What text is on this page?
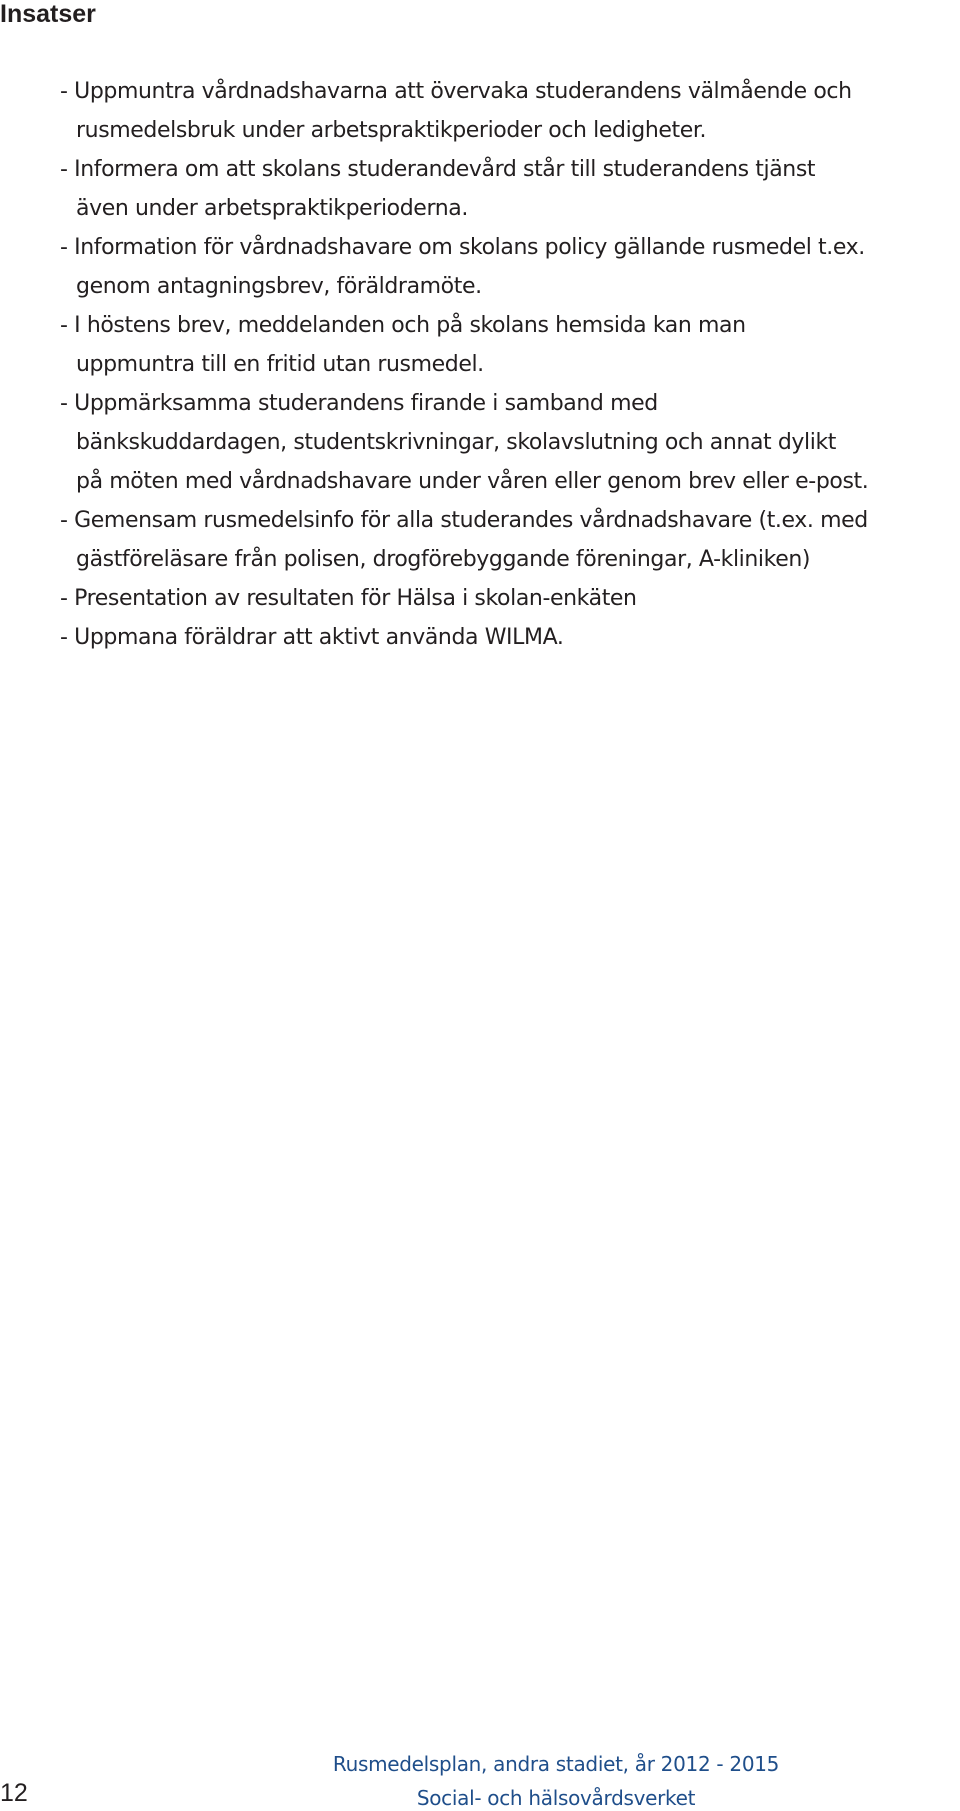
Insatser
- Uppmuntra vårdnadshavarna att övervaka studerandens välmående och
rusmedelsbruk under arbetspraktikperioder och ledigheter.
- Informera om att skolans studerandevård står till studerandens tjänst
även under arbetspraktikperioderna.
- Information för vårdnadshavare om skolans policy gällande rusmedel t.ex.
genom antagningsbrev, föräldramöte.
- I höstens brev, meddelanden och på skolans hemsida kan man
uppmuntra till en fritid utan rusmedel.
- Uppmärksamma studerandens firande i samband med
bänkskuddardagen, studentskrivningar, skolavslutning och annat dylikt
på möten med vårdnadshavare under våren eller genom brev eller e-post.
- Gemensam rusmedelsinfo för alla studerandes vårdnadshavare (t.ex. med
gästföreläsare från polisen, drogförebyggande föreningar, A-kliniken)
- Presentation av resultaten för Hälsa i skolan-enkäten
- Uppmana föräldrar att aktivt använda WILMA.
12
Rusmedelsplan, andra stadiet, år 2012 - 2015
Social- och hälsovårdsverket
